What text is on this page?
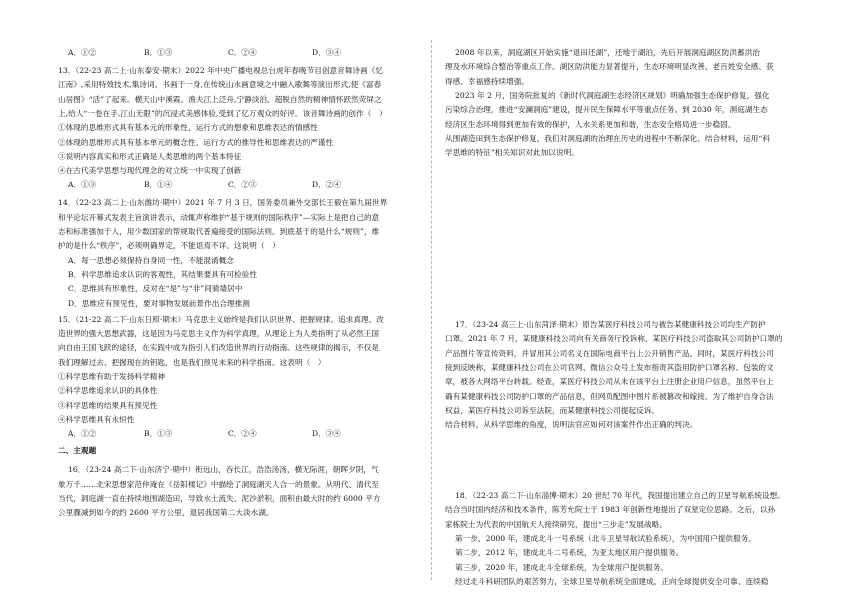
A．①②	B．①③	C．②④	D．③④
13．（22-23 高二上·山东泰安·期末）2022 年中央广播电视总台虎年春晚节目创意音舞诗画《忆
江南》,采用特效技术,集诗词、书画于一身,在传统山水画意境之中融入歌舞等演出形式,使《富春
山居图》“活”了起来。横天山中溪霞、渔夫江上泛舟,宁静淡泊、超脱自然的精神情怀跃然荧屏之
上,给人“一卷在手,江山无限”的沉浸式美感体验,受到了亿万观众的好评。该音舞诗画的创作（　）
①体现的思维形式具有基本元的形象性、运行方式的想象和思维表达的情感性
②体现的思维形式具有基本单元的概念性、运行方式的推导性和思维表达的严谨性
③说明内容真实和形式正确是人类思维的两个基本特征
④在古代美学思想与现代理念的对立统一中实现了创新
A．①③	B．①④	C．②③	D．②④
14．（22-23 高二上·山东潍坊·期中）2021 年 7 月 3 日，国务委员兼外交部长王毅在第九届世界
和平论坛开幕式发表主旨演讲表示，动辄声称维护“基于规则的国际秩序”—实际上是把自己的意
志和标准强加于人，用少数国家的帮规取代普遍接受的国际法则。到底基于的是什么“规则”，维
护的是什么“秩序”，必须明确界定，不能语焉不详。这说明（　）
A．每一思想必须保持自身同一性，不能混淆概念
B．科学思维追求认识的客观性，其结果要具有可检验性
C．思维具有形象性，反对在“是”与“非”间骑墙居中
D．思维应有预见性，要对事物发展前景作出合理推测
15．（21-22 高二下·山东日照·期末）马克思主义始终是我们认识世界、把握规律、追求真理、改
造世界的强大思想武器，这是因为马克思主义作为科学真理，从理论上为人类指明了从必然王国
向自由王国飞跃的途径，在实践中成为指引人们改造世界的行动指南。这些规律的揭示，不仅是
我们理解过去、把握现在的钥匙，也是我们预见未来的科学指南。这表明（　）
①科学思维有助于发扬科学精神
②科学思维追求认识的具体性
③科学思维的结果具有预见性
④科学思维具有永恒性
A．①②	B．①③	C．②④	D．③④
二、主观题
16．（23-24 高二下·山东济宁·期中）衔远山，吞长江，浩浩汤汤，横无际涯，朝晖夕阴，气
象万千……北宋思想家范仲淹在《岳阳楼记》中描绘了洞庭湖天人合一的景象。从明代、清代至
当代，洞庭湖一直在持续地围湖造田，导致水土流失、泥沙淤积，面积由最大时的约 6000 平方
公里骤减到如今的约 2600 平方公里，退居我国第二大淡水湖。
2008 年以来，洞庭湖区开始实施“退田还湖”，还地于湖泊，先后开展洞庭湖区防洪蓄洪治
理及水环境综合整治等重点工作。湖区防洪能力显著提升，生态环境明显改善，老百姓安全感、获
得感、幸福感持续增强。
2023 年 2 月，国务院批复的《新时代洞庭湖生态经济区规划》明确加强生态保护修复，强化
污染综合治理，推进“安澜洞庭”建设，提升民生保障水平等重点任务。到 2030 年，洞庭湖生态
经济区生态环境得到更加有效的保护，人水关系更加和谐，生态安全格局进一步稳固。
从围湖造田到生态保护修复，我们对洞庭湖的治理在历史的进程中不断深化、结合材料，运用“科
学思维的特征”相关知识对此加以说明。
17．（23-24 高三上·山东菏泽·期末）原告某医疗科技公司与被告某健康科技公司均生产防护
口罩。2021 年 7 月，某健康科技公司向有关商务厅投诉称，某医疗科技公司盗取其公司防护口罩的
产品图片等宣传资料，并冒用其公司名义在国际电商平台上公开销售产品。同时，某医疗科技公司
接到反映称，某健康科技公司在公司官网、微信公众号上发布指责其盗用防护口罩名称、包装的文
章，被各大网络平台转载。经查，某医疗科技公司从未在该平台上注册企业用户信息，虽然平台上
确有某健康科技公司防护口罩的产品信息，但网页配图中图片系被篡改和嫁接。为了维护自身合法
权益，某医疗科技公司诉至法院，而某健康科技公司提起反诉。
结合材料，从科学思维的角度，说明法官应如何对该案件作出正确的判决。
18．（22-23 高二下·山东淄博·期末）20 世纪 70 年代，我国提出建立自己的卫星导航系统设想。
结合当时国内经济和技术条件，陈芳允院士于 1983 年创新性地提出了双星定位思路。之后，以孙
家栋院士为代表的中国航天人接续研究，提出“三步走”发展战略。
第一步，2000 年，建成北斗一号系统（北斗卫星导航试验系统），为中国用户提供服务。
第二步，2012 年，建成北斗二号系统，为亚太地区用户提供服务。
第三步，2020 年，建成北斗全球系统，为全球用户提供服务。
经过北斗科研团队的艰苦努力，全球卫星导航系统全面建成，正向全球提供安全可靠、连续稳
